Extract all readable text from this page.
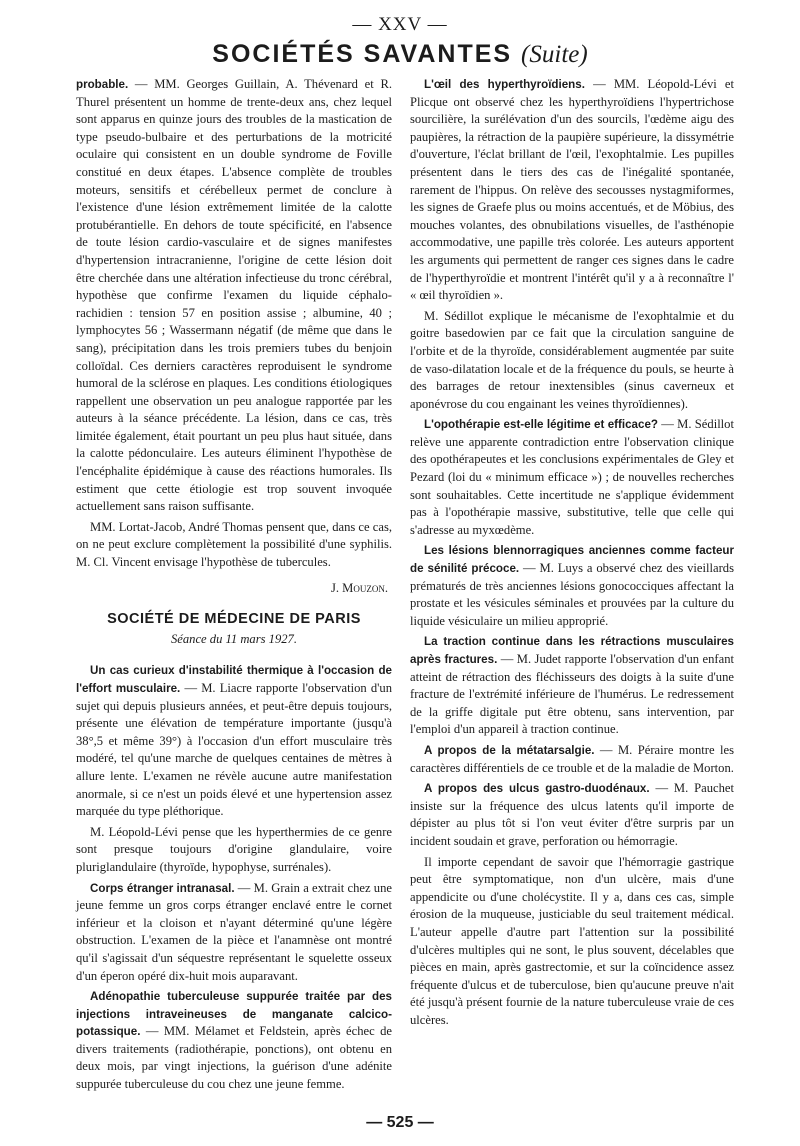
— XXV —
SOCIÉTÉS SAVANTES (Suite)

probable. — MM. Georges Guillain, A. Thévenard et R. Thurel présentent un homme de trente-deux ans, chez lequel sont apparus en quinze jours des troubles de la mastication de type pseudo-bulbaire et des perturbations de la motricité oculaire qui consistent en un double syndrome de Foville constitué en deux étapes. L'absence complète de troubles moteurs, sensitifs et cérébelleux permet de conclure à l'existence d'une lésion extrêmement limitée de la calotte protubérantielle. En dehors de toute spécificité, en l'absence de toute lésion cardio-vasculaire et de signes manifestes d'hypertension intracranienne, l'origine de cette lésion doit être cherchée dans une altération infectieuse du tronc cérébral, hypothèse que confirme l'examen du liquide céphalo-rachidien : tension 57 en position assise ; albumine, 40 ; lymphocytes 56 ; Wassermann négatif (de même que dans le sang), précipitation dans les trois premiers tubes du benjoin colloïdal. Ces derniers caractères reproduisent le syndrome humoral de la sclérose en plaques. Les conditions étiologiques rappellent une observation un peu analogue rapportée par les auteurs à la séance précédente. La lésion, dans ce cas, très limitée également, était pourtant un peu plus haut située, dans la calotte pédonculaire. Les auteurs éliminent l'hypothèse de l'encéphalite épidémique à cause des réactions humorales. Ils estiment que cette étiologie est trop souvent invoquée actuellement sans raison suffisante.

MM. Lortat-Jacob, André Thomas pensent que, dans ce cas, on ne peut exclure complètement la possibilité d'une syphilis. M. Cl. Vincent envisage l'hypothèse de tubercules.

J. Mouzon.
SOCIÉTÉ DE MÉDECINE DE PARIS
Séance du 11 mars 1927.

Un cas curieux d'instabilité thermique à l'occasion de l'effort musculaire. — M. Liacre rapporte l'observation d'un sujet qui depuis plusieurs années, et peut-être depuis toujours, présente une élévation de température importante (jusqu'à 38°,5 et même 39°) à l'occasion d'un effort musculaire très modéré, tel qu'une marche de quelques centaines de mètres à allure lente. L'examen ne révèle aucune autre manifestation anormale, si ce n'est un poids élevé et une hypertension assez marquée du type pléthorique.

M. Léopold-Lévi pense que les hyperthermies de ce genre sont presque toujours d'origine glandulaire, voire pluriglandulaire (thyroïde, hypophyse, surrénales).

Corps étranger intranasal. — M. Grain a extrait chez une jeune femme un gros corps étranger enclavé entre le cornet inférieur et la cloison et n'ayant déterminé qu'une légère obstruction. L'examen de la pièce et l'anamnèse ont montré qu'il s'agissait d'un séquestre représentant le squelette osseux d'un éperon opéré dix-huit mois auparavant.

Adénopathie tuberculeuse suppurée traitée par des injections intraveineuses de manganate calcico-potassique. — MM. Mélamet et Feldstein, après échec de divers traitements (radiothérapie, ponctions), ont obtenu en deux mois, par vingt injections, la guérison d'une adénite suppurée tuberculeuse du cou chez une jeune femme.

L'œil des hyperthyroïdiens. — MM. Léopold-Lévi et Plicque ont observé chez les hyperthyroïdiens l'hypertrichose sourcilière, la surélévation d'un des sourcils, l'œdème aigu des paupières, la rétraction de la paupière supérieure, la dissymétrie d'ouverture, l'éclat brillant de l'œil, l'exophtalmie. Les pupilles présentent dans le tiers des cas de l'inégalité spontanée, rarement de l'hippus. On relève des secousses nystagmiformes, les signes de Graefe plus ou moins accentués, et de Möbius, des mouches volantes, des obnubilations visuelles, de l'asthénopie accommodative, une papille très colorée. Les auteurs apportent les arguments qui permettent de ranger ces signes dans le cadre de l'hyperthyroïdie et montrent l'intérêt qu'il y a à reconnaître l' « œil thyroïdien ».

M. Sédillot explique le mécanisme de l'exophtalmie et du goitre basedowien par ce fait que la circulation sanguine de l'orbite et de la thyroïde, considérablement augmentée par suite de vaso-dilatation locale et de la fréquence du pouls, se heurte à des barrages de retour inextensibles (sinus caverneux et aponévrose du cou engainant les veines thyroïdiennes).

L'opothérapie est-elle légitime et efficace? — M. Sédillot relève une apparente contradiction entre l'observation clinique des opothérapeutes et les conclusions expérimentales de Gley et Pezard (loi du « minimum efficace ») ; de nouvelles recherches sont souhaitables. Cette incertitude ne s'applique évidemment pas à l'opothérapie massive, substitutive, telle que celle qui s'adresse au myxœdème.

Les lésions blennorragiques anciennes comme facteur de sénilité précoce. — M. Luys a observé chez des vieillards prématurés de très anciennes lésions gonococciques affectant la prostate et les vésicules séminales et prouvées par la culture du liquide vésiculaire un milieu approprié.

La traction continue dans les rétractions musculaires après fractures. — M. Judet rapporte l'observation d'un enfant atteint de rétraction des fléchisseurs des doigts à la suite d'une fracture de l'extrémité inférieure de l'humérus. Le redressement de la griffe digitale put être obtenu, sans intervention, par l'emploi d'un appareil à traction continue.

A propos de la métatarsalgie. — M. Péraire montre les caractères différentiels de ce trouble et de la maladie de Morton.

A propos des ulcus gastro-duodénaux. — M. Pauchet insiste sur la fréquence des ulcus latents qu'il importe de dépister au plus tôt si l'on veut éviter d'être surpris par un incident soudain et grave, perforation ou hémorragie.

Il importe cependant de savoir que l'hémorragie gastrique peut être symptomatique, non d'un ulcère, mais d'une appendicite ou d'une cholécystite. Il y a, dans ces cas, simple érosion de la muqueuse, justiciable du seul traitement médical. L'auteur appelle d'autre part l'attention sur la possibilité d'ulcères multiples qui ne sont, le plus souvent, décelables que pièces en main, après gastrectomie, et sur la coïncidence assez fréquente d'ulcus et de tuberculose, bien qu'aucune preuve n'ait été jusqu'à présent fournie de la nature tuberculeuse vraie de ces ulcères.

— 525 —
